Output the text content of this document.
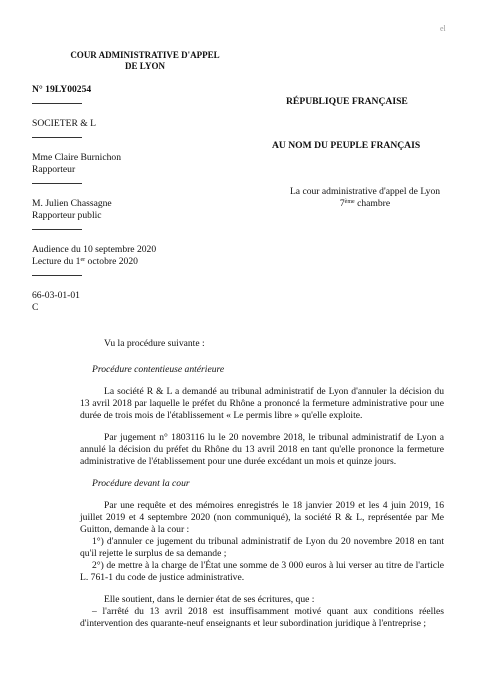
el
COUR ADMINISTRATIVE D'APPEL
DE LYON
N° 19LY00254
RÉPUBLIQUE FRANÇAISE
SOCIETER & L
AU NOM DU PEUPLE FRANÇAIS
Mme Claire Burnichon
Rapporteur
La cour administrative d'appel de Lyon
7ème chambre
M. Julien Chassagne
Rapporteur public
Audience du 10 septembre 2020
Lecture du 1er octobre 2020
66-03-01-01
C
Vu la procédure suivante :
Procédure contentieuse antérieure
La société R & L a demandé au tribunal administratif de Lyon d'annuler la décision du 13 avril 2018 par laquelle le préfet du Rhône a prononcé la fermeture administrative pour une durée de trois mois de l'établissement « Le permis libre » qu'elle exploite.
Par jugement n° 1803116 lu le 20 novembre 2018, le tribunal administratif de Lyon a annulé la décision du préfet du Rhône du 13 avril 2018 en tant qu'elle prononce la fermeture administrative de l'établissement pour une durée excédant un mois et quinze jours.
Procédure devant la cour
Par une requête et des mémoires enregistrés le 18 janvier 2019 et les 4 juin 2019, 16 juillet 2019 et 4 septembre 2020 (non communiqué), la société R & L, représentée par Me Guitton, demande à la cour :
1°) d'annuler ce jugement du tribunal administratif de Lyon du 20 novembre 2018 en tant qu'il rejette le surplus de sa demande ;
2°) de mettre à la charge de l'État une somme de 3 000 euros à lui verser au titre de l'article L. 761-1 du code de justice administrative.
Elle soutient, dans le dernier état de ses écritures, que :
– l'arrêté du 13 avril 2018 est insuffisamment motivé quant aux conditions réelles d'intervention des quarante-neuf enseignants et leur subordination juridique à l'entreprise ;
